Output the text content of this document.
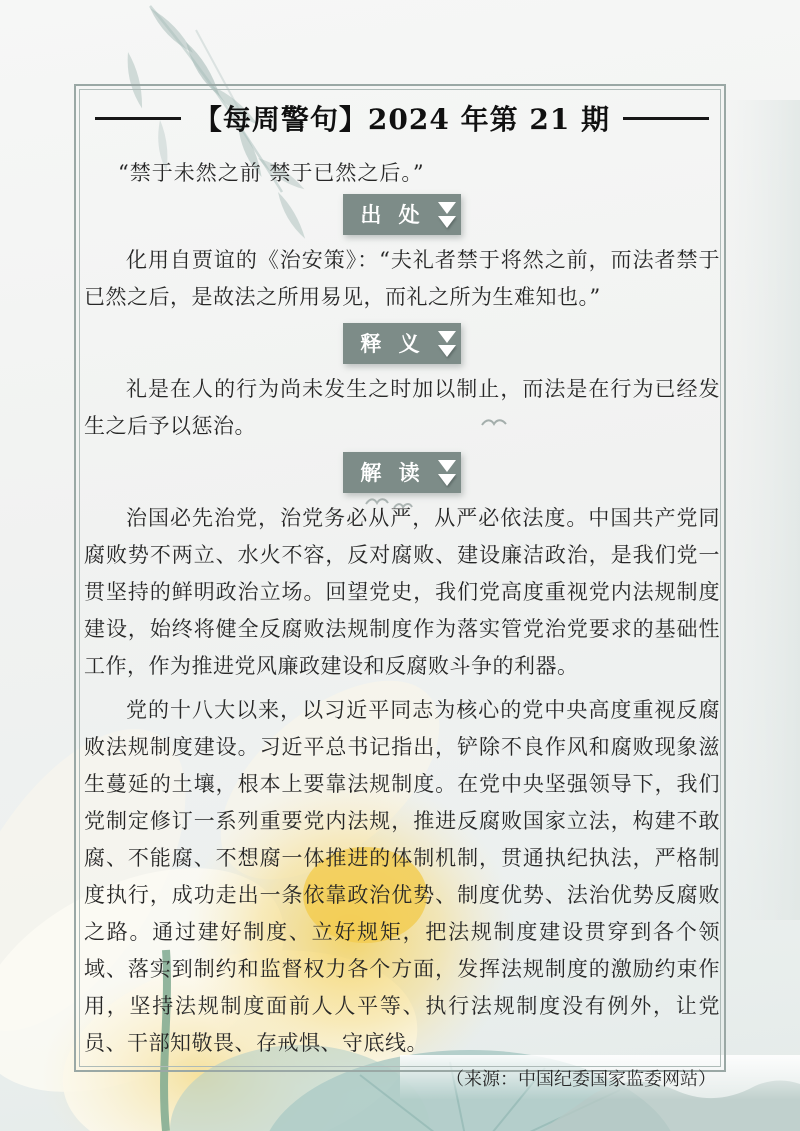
【每周警句】2024 年第 21 期

“禁于未然之前 禁于已然之后。”

出 处

化用自贾谊的《治安策》：“夫礼者禁于将然之前，而法者禁于已然之后，是故法之所用易见，而礼之所为生难知也。”

释 义

礼是在人的行为尚未发生之时加以制止，而法是在行为已经发生之后予以惩治。

解 读

治国必先治党，治党务必从严，从严必依法度。中国共产党同腐败势不两立、水火不容，反对腐败、建设廉洁政治，是我们党一贯坚持的鲜明政治立场。回望党史，我们党高度重视党内法规制度建设，始终将健全反腐败法规制度作为落实管党治党要求的基础性工作，作为推进党风廉政建设和反腐败斗争的利器。

党的十八大以来，以习近平同志为核心的党中央高度重视反腐败法规制度建设。习近平总书记指出，铲除不良作风和腐败现象滋生蔓延的土壤，根本上要靠法规制度。在党中央坚强领导下，我们党制定修订一系列重要党内法规，推进反腐败国家立法，构建不敢腐、不能腐、不想腐一体推进的体制机制，贯通执纪执法，严格制度执行，成功走出一条依靠政治优势、制度优势、法治优势反腐败之路。通过建好制度、立好规矩，把法规制度建设贯穿到各个领域、落实到制约和监督权力各个方面，发挥法规制度的激励约束作用，坚持法规制度面前人人平等、执行法规制度没有例外，让党员、干部知敬畏、存戒惧、守底线。

（来源：中国纪委国家监委网站）
